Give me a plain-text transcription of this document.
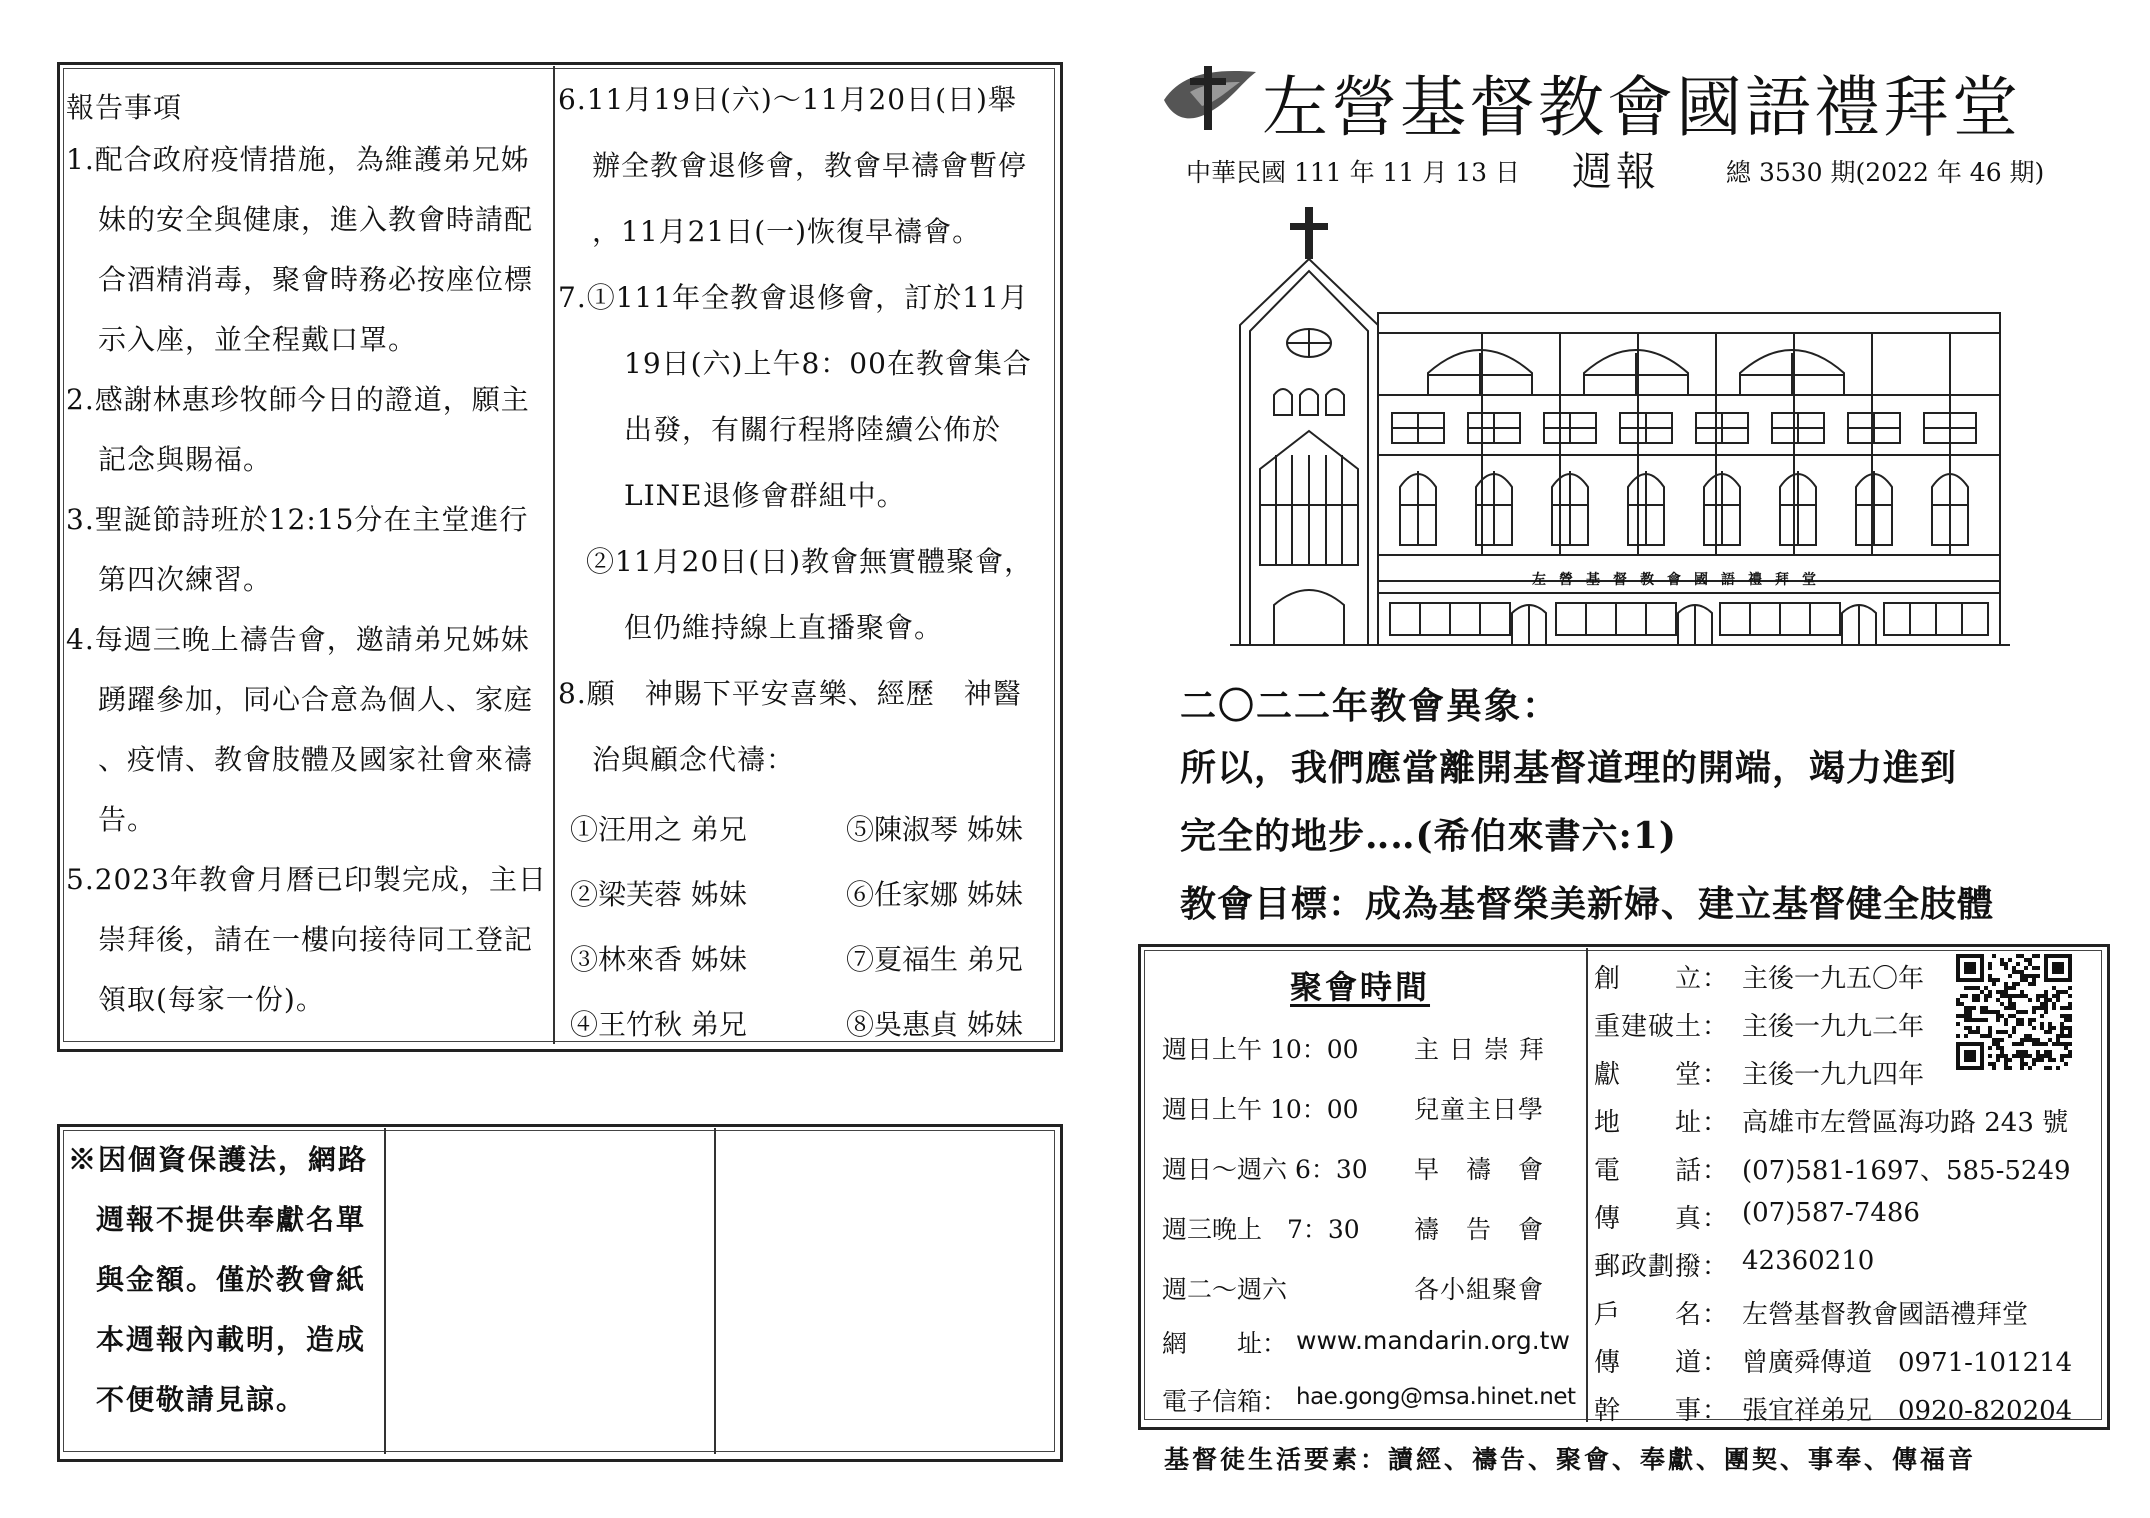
報告事項
1.配合政府疫情措施，為維護弟兄姊
妹的安全與健康，進入教會時請配
合酒精消毒，聚會時務必按座位標
示入座，並全程戴口罩。
2.感謝林惠珍牧師今日的證道，願主
記念與賜福。
3.聖誕節詩班於12:15分在主堂進行
第四次練習。
4.每週三晚上禱告會，邀請弟兄姊妹
踴躍參加，同心合意為個人、家庭
、疫情、教會肢體及國家社會來禱
告。
5.2023年教會月曆已印製完成，主日
崇拜後，請在一樓向接待同工登記
領取(每家一份)。
6.11月19日(六)～11月20日(日)舉
辦全教會退修會，教會早禱會暫停
，11月21日(一)恢復早禱會。
7.①111年全教會退修會，訂於11月
19日(六)上午8：00在教會集合
出發，有關行程將陸續公佈於
LINE退修會群組中。
②11月20日(日)教會無實體聚會，
但仍維持線上直播聚會。
8.願　神賜下平安喜樂、經歷　神醫
治與顧念代禱：
①汪用之 弟兄	⑤陳淑琴 姊妹
②梁芙蓉 姊妹	⑥任家娜 姊妹
③林來香 姊妹	⑦夏福生 弟兄
④王竹秋 弟兄	⑧吳惠貞 姊妹
※因個資保護法，網路
週報不提供奉獻名單
與金額。僅於教會紙
本週報內載明，造成
不便敬請見諒。
左營基督教會國語禮拜堂
中華民國 111 年 11 月 13 日 週報	總 3530 期(2022 年 46 期)
左營基督教會國語禮拜堂
二〇二二年教會異象：
所以，我們應當離開基督道理的開端，竭力進到
完全的地步‥‥(希伯來書六:1)
教會目標：成為基督榮美新婦、建立基督健全肢體
聚會時間
週日上午 10：00 主 日 崇 拜
週日上午 10：00 兒童主日學
週日～週六 6：30 早　禱　會
週三晚上　7：30 禱　告　會
週二～週六	各小組聚會
網　　址： www.mandarin.org.tw
電子信箱： hae.gong@msa.hinet.net
創　　立： 主後一九五〇年
重建破土： 主後一九九二年
獻　　堂： 主後一九九四年
地　　址： 高雄市左營區海功路 243 號
電　　話： (07)581-1697、585-5249
傳　　真： (07)587-7486
郵政劃撥： 42360210
戶　　名： 左營基督教會國語禮拜堂
傳　　道： 曾廣舜傳道　0971-101214
幹　　事： 張宜祥弟兄　0920-820204
基督徒生活要素：讀經、禱告、聚會、奉獻、團契、事奉、傳福音
